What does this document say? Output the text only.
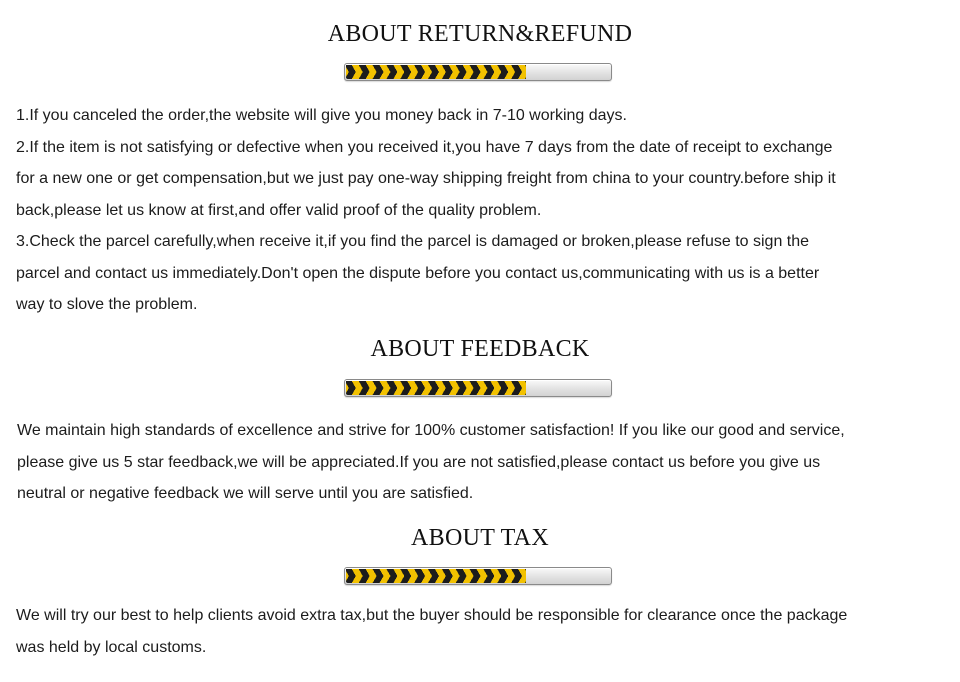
ABOUT RETURN&REFUND
1.If you canceled the order,the website will give you money back in 7-10 working days.
2.If the item is not satisfying or defective when you received it,you have 7 days from the date of receipt to exchange
for a new one or get compensation,but we just pay one-way shipping freight from china to your country.before ship it
back,please let us know at first,and offer valid proof of the quality problem.
3.Check the parcel carefully,when receive it,if you find the parcel is damaged or broken,please refuse to sign the
parcel and contact us immediately.Don't open the dispute before you contact us,communicating with us is a better
way to slove the problem.
ABOUT FEEDBACK
We maintain high standards of excellence and strive for 100% customer satisfaction! If you like our good and service,
please give us 5 star feedback,we will be appreciated.If you are not satisfied,please contact us before you give us
neutral or negative feedback we will serve until you are satisfied.
ABOUT TAX
We will try our best to help clients avoid extra tax,but the buyer should be responsible for clearance once the package
was held by local customs.
